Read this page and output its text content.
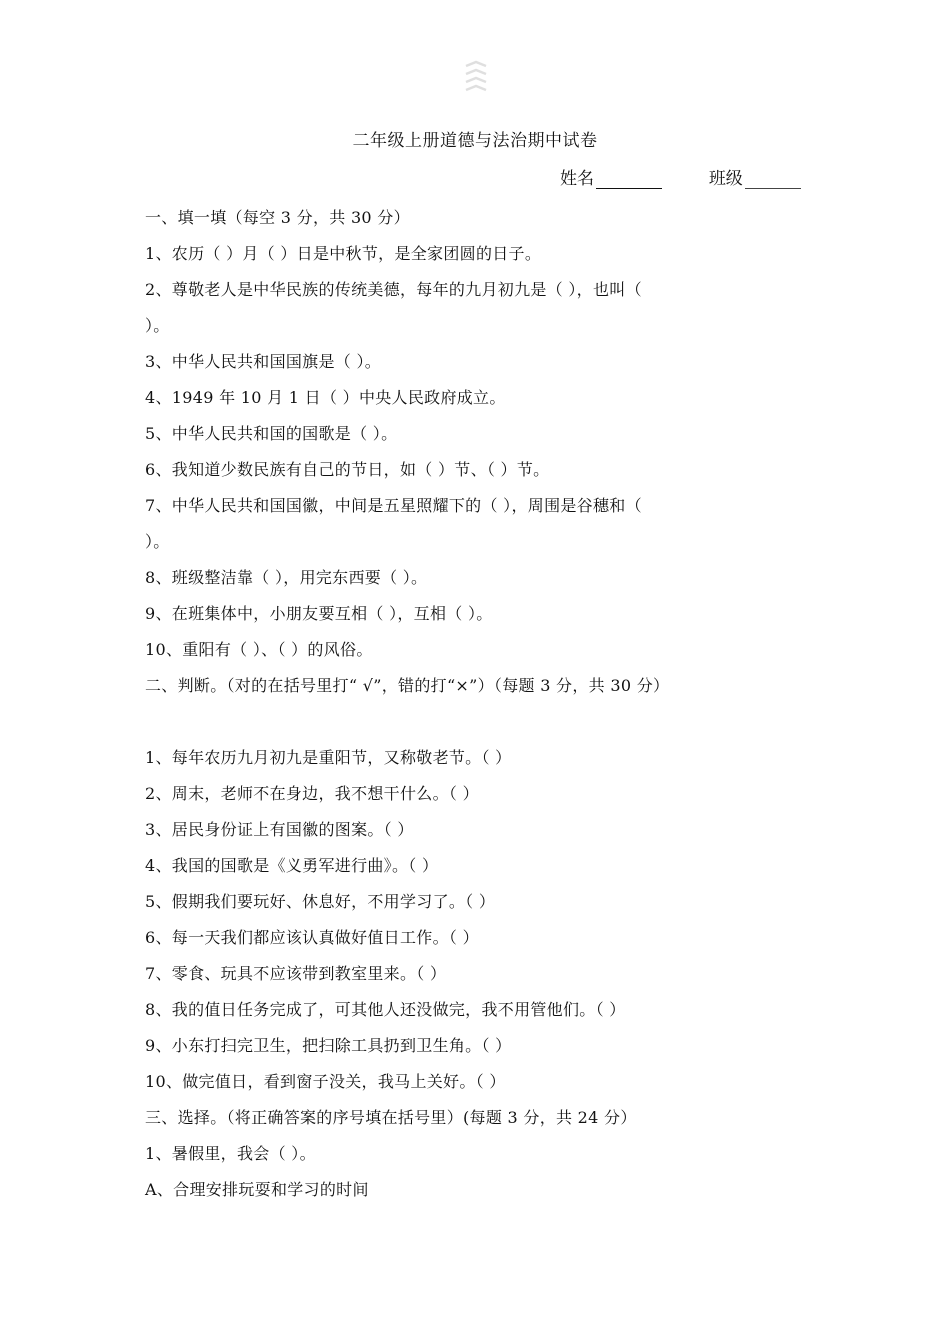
二年级上册道德与法治期中试卷
姓名	班级
一、填一填（每空 3 分，共 30 分）
1、农历（ ）月（ ）日是中秋节，是全家团圆的日子。
2、尊敬老人是中华民族的传统美德，每年的九月初九是（ ），也叫（
）。
3、中华人民共和国国旗是（ ）。
4、1949 年 10 月 1 日（ ）中央人民政府成立。
5、中华人民共和国的国歌是（ ）。
6、我知道少数民族有自己的节日，如（ ）节、（ ）节。
7、中华人民共和国国徽，中间是五星照耀下的（ ），周围是谷穗和（
）。
8、班级整洁靠（ ），用完东西要（ ）。
9、在班集体中，小朋友要互相（ ），互相（ ）。
10、重阳有（ ）、（ ）的风俗。
二、判断。（对的在括号里打“ √”，错的打“×”）（每题 3 分，共 30 分）
1、每年农历九月初九是重阳节，又称敬老节。（ ）
2、周末，老师不在身边，我不想干什么。（ ）
3、居民身份证上有国徽的图案。（ ）
4、我国的国歌是《义勇军进行曲》。（ ）
5、假期我们要玩好、休息好，不用学习了。（ ）
6、每一天我们都应该认真做好值日工作。（ ）
7、零食、玩具不应该带到教室里来。（ ）
8、我的值日任务完成了，可其他人还没做完，我不用管他们。（ ）
9、小东打扫完卫生，把扫除工具扔到卫生角。（ ）
10、做完值日，看到窗子没关，我马上关好。（ ）
三、选择。（将正确答案的序号填在括号里）(每题 3 分，共 24 分）
1、暑假里，我会（ ）。
A、合理安排玩耍和学习的时间
